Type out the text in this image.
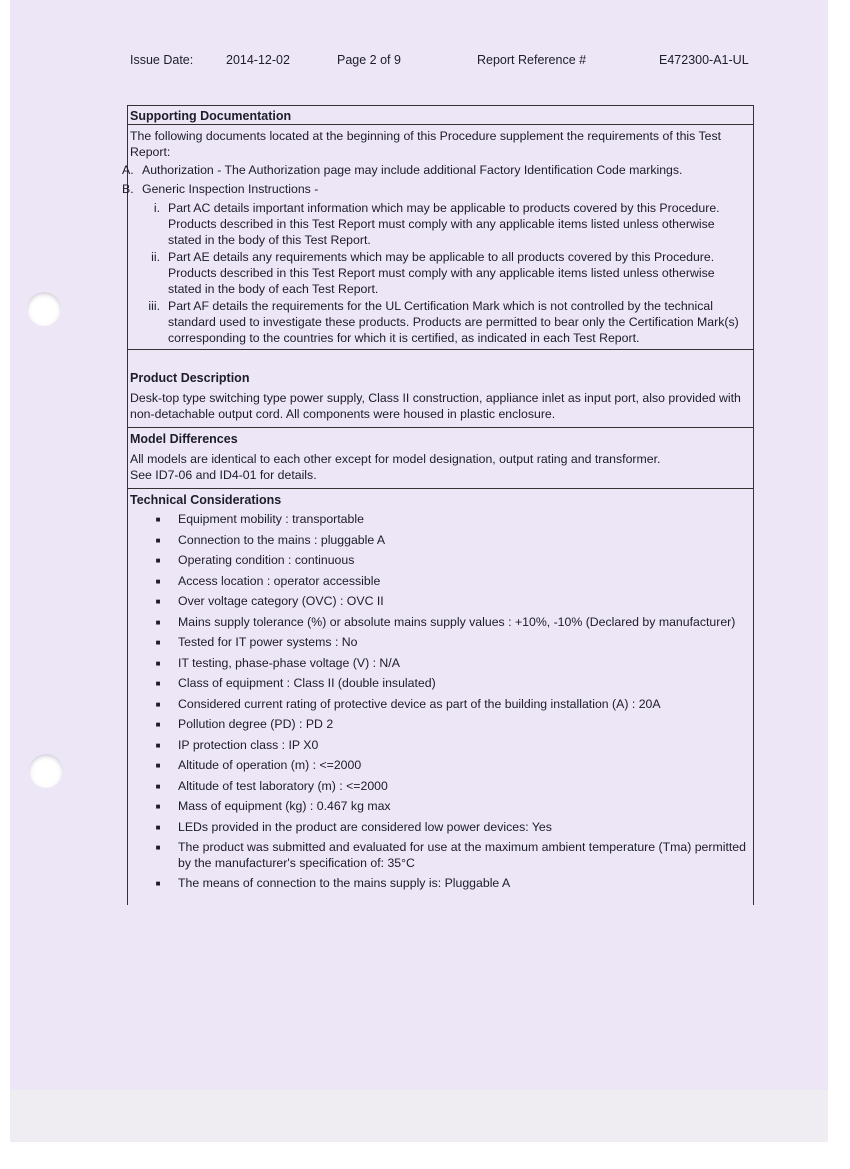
Issue Date:	2014-12-02	Page 2 of 9	Report Reference #	E472300-A1-UL
Supporting Documentation
The following documents located at the beginning of this Procedure supplement the requirements of this Test Report:
A. Authorization - The Authorization page may include additional Factory Identification Code markings.
B. Generic Inspection Instructions -
i. Part AC details important information which may be applicable to products covered by this Procedure. Products described in this Test Report must comply with any applicable items listed unless otherwise stated in the body of this Test Report.
ii. Part AE details any requirements which may be applicable to all products covered by this Procedure. Products described in this Test Report must comply with any applicable items listed unless otherwise stated in the body of each Test Report.
iii. Part AF details the requirements for the UL Certification Mark which is not controlled by the technical standard used to investigate these products. Products are permitted to bear only the Certification Mark(s) corresponding to the countries for which it is certified, as indicated in each Test Report.
Product Description
Desk-top type switching type power supply, Class II construction, appliance inlet as input port, also provided with non-detachable output cord. All components were housed in plastic enclosure.
Model Differences
All models are identical to each other except for model designation, output rating and transformer.
See ID7-06 and ID4-01 for details.
Technical Considerations
■	Equipment mobility : transportable
■	Connection to the mains : pluggable A
■	Operating condition : continuous
■	Access location : operator accessible
■	Over voltage category (OVC) : OVC II
■	Mains supply tolerance (%) or absolute mains supply values : +10%, -10% (Declared by manufacturer)
■	Tested for IT power systems : No
■	IT testing, phase-phase voltage (V) : N/A
■	Class of equipment : Class II (double insulated)
■	Considered current rating of protective device as part of the building installation (A) : 20A
■	Pollution degree (PD) : PD 2
■	IP protection class : IP X0
■	Altitude of operation (m) : <=2000
■	Altitude of test laboratory (m) : <=2000
■	Mass of equipment (kg) : 0.467 kg max
■	LEDs provided in the product are considered low power devices: Yes
■	The product was submitted and evaluated for use at the maximum ambient temperature (Tma) permitted by the manufacturer's specification of: 35°C
■	The means of connection to the mains supply is: Pluggable A
